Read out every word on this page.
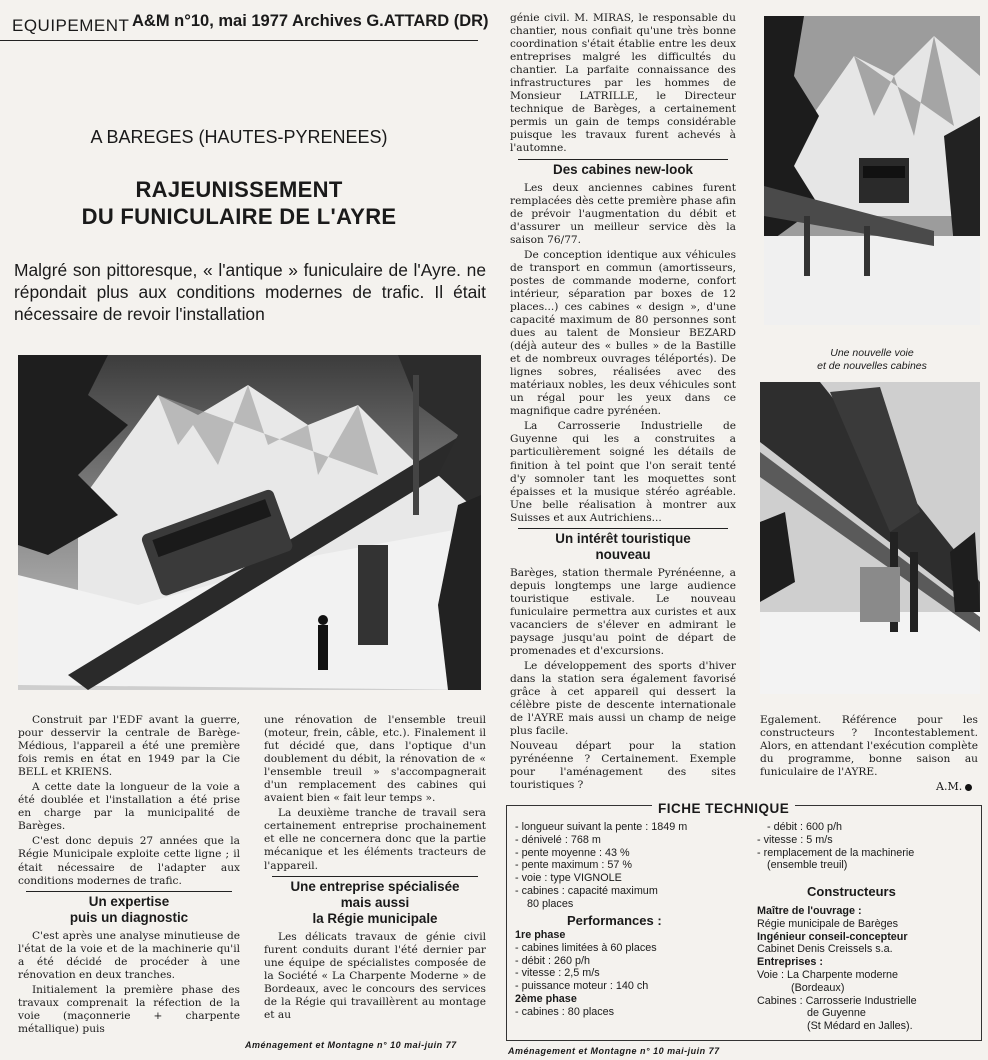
EQUIPEMENT A&M n°10, mai 1977 Archives G.ATTARD (DR)
A BAREGES (HAUTES-PYRENEES)
RAJEUNISSEMENT
DU FUNICULAIRE DE L'AYRE
Malgré son pittoresque, « l'antique » funiculaire de l'Ayre. ne répondait plus aux conditions modernes de trafic. Il était nécessaire de revoir l'installation

Construit par l'EDF avant la guerre, pour desservir la centrale de Barège-Médious, l'appareil a été une première fois remis en état en 1949 par la Cie BELL et KRIENS.

A cette date la longueur de la voie a été doublée et l'installation a été prise en charge par la municipalité de Barèges.

C'est donc depuis 27 années que la Régie Municipale exploite cette ligne ; il était nécessaire de l'adapter aux conditions modernes de trafic.

Un expertise
puis un diagnostic

C'est après une analyse minutieuse de l'état de la voie et de la machinerie qu'il a été décidé de procéder à une rénovation en deux tranches.

Initialement la première phase des travaux comprenait la réfection de la voie (maçonnerie + charpente métallique) puis

une rénovation de l'ensemble treuil (moteur, frein, câble, etc.). Finalement il fut décidé que, dans l'optique d'un doublement du débit, la rénovation de « l'ensemble treuil » s'accompagnerait d'un remplacement des cabines qui avaient bien « fait leur temps ».

La deuxième tranche de travail sera certainement entreprise prochainement et elle ne concernera donc que la partie mécanique et les éléments tracteurs de l'appareil.

Une entreprise spécialisée
mais aussi
la Régie municipale

Les délicats travaux de génie civil furent conduits durant l'été dernier par une équipe de spécialistes composée de la Société « La Charpente Moderne » de Bordeaux, avec le concours des services de la Régie qui travaillèrent au montage et au

Aménagement et Montagne n° 10 mai-juin 77

génie civil. M. MIRAS, le responsable du chantier, nous confiait qu'une très bonne coordination s'était établie entre les deux entreprises malgré les difficultés du chantier. La parfaite connaissance des infrastructures par les hommes de Monsieur LATRILLE, le Directeur technique de Barèges, a certainement permis un gain de temps considérable puisque les travaux furent achevés à l'automne.

Des cabines new-look

Les deux anciennes cabines furent remplacées dès cette première phase afin de prévoir l'augmentation du débit et d'assurer un meilleur service dès la saison 76/77.

De conception identique aux véhicules de transport en commun (amortisseurs, postes de commande moderne, confort intérieur, séparation par boxes de 12 places...) ces cabines « design », d'une capacité maximum de 80 personnes sont dues au talent de Monsieur BEZARD (déjà auteur des « bulles » de la Bastille et de nombreux ouvrages téléportés). De lignes sobres, réalisées avec des matériaux nobles, les deux véhicules sont un régal pour les yeux dans ce magnifique cadre pyrénéen.

La Carrosserie Industrielle de Guyenne qui les a construites a particulièrement soigné les détails de finition à tel point que l'on serait tenté d'y somnoler tant les moquettes sont épaisses et la musique stéréo agréable. Une belle réalisation à montrer aux Suisses et aux Autrichiens...

Un intérêt touristique
nouveau

Barèges, station thermale Pyrénéenne, a depuis longtemps une large audience touristique estivale. Le nouveau funiculaire permettra aux curistes et aux vacanciers de s'élever en admirant le paysage jusqu'au point de départ de promenades et d'excursions.

Le développement des sports d'hiver dans la station sera également favorisé grâce à cet appareil qui dessert la célèbre piste de descente internationale de l'AYRE mais aussi un champ de neige plus facile.

Nouveau départ pour la station pyrénéenne ? Certainement. Exemple pour l'aménagement des sites touristiques ?

Une nouvelle voie
et de nouvelles cabines

Egalement. Référence pour les constructeurs ? Incontestablement. Alors, en attendant l'exécution complète du programme, bonne saison au funiculaire de l'AYRE.

A.M.
FICHE TECHNIQUE
- longueur suivant la pente : 1849 m
- dénivelé : 768 m
- pente moyenne : 43 %
- pente maximum : 57 %
- voie : type VIGNOLE
- cabines : capacité maximum
80 places
Performances :
1re phase
- cabines limitées à 60 places
- débit : 260 p/h
- vitesse : 2,5 m/s
- puissance moteur : 140 ch
2ème phase
- cabines : 80 places
- débit : 600 p/h
- vitesse : 5 m/s
- remplacement de la machinerie
(ensemble treuil)
Constructeurs
Maître de l'ouvrage :
Régie municipale de Barèges
Ingénieur conseil-concepteur
Cabinet Denis Creissels s.a.
Entreprises :
Voie : La Charpente moderne
(Bordeaux)
Cabines : Carrosserie Industrielle
de Guyenne
(St Médard en Jalles).
Aménagement et Montagne n° 10 mai-juin 77
